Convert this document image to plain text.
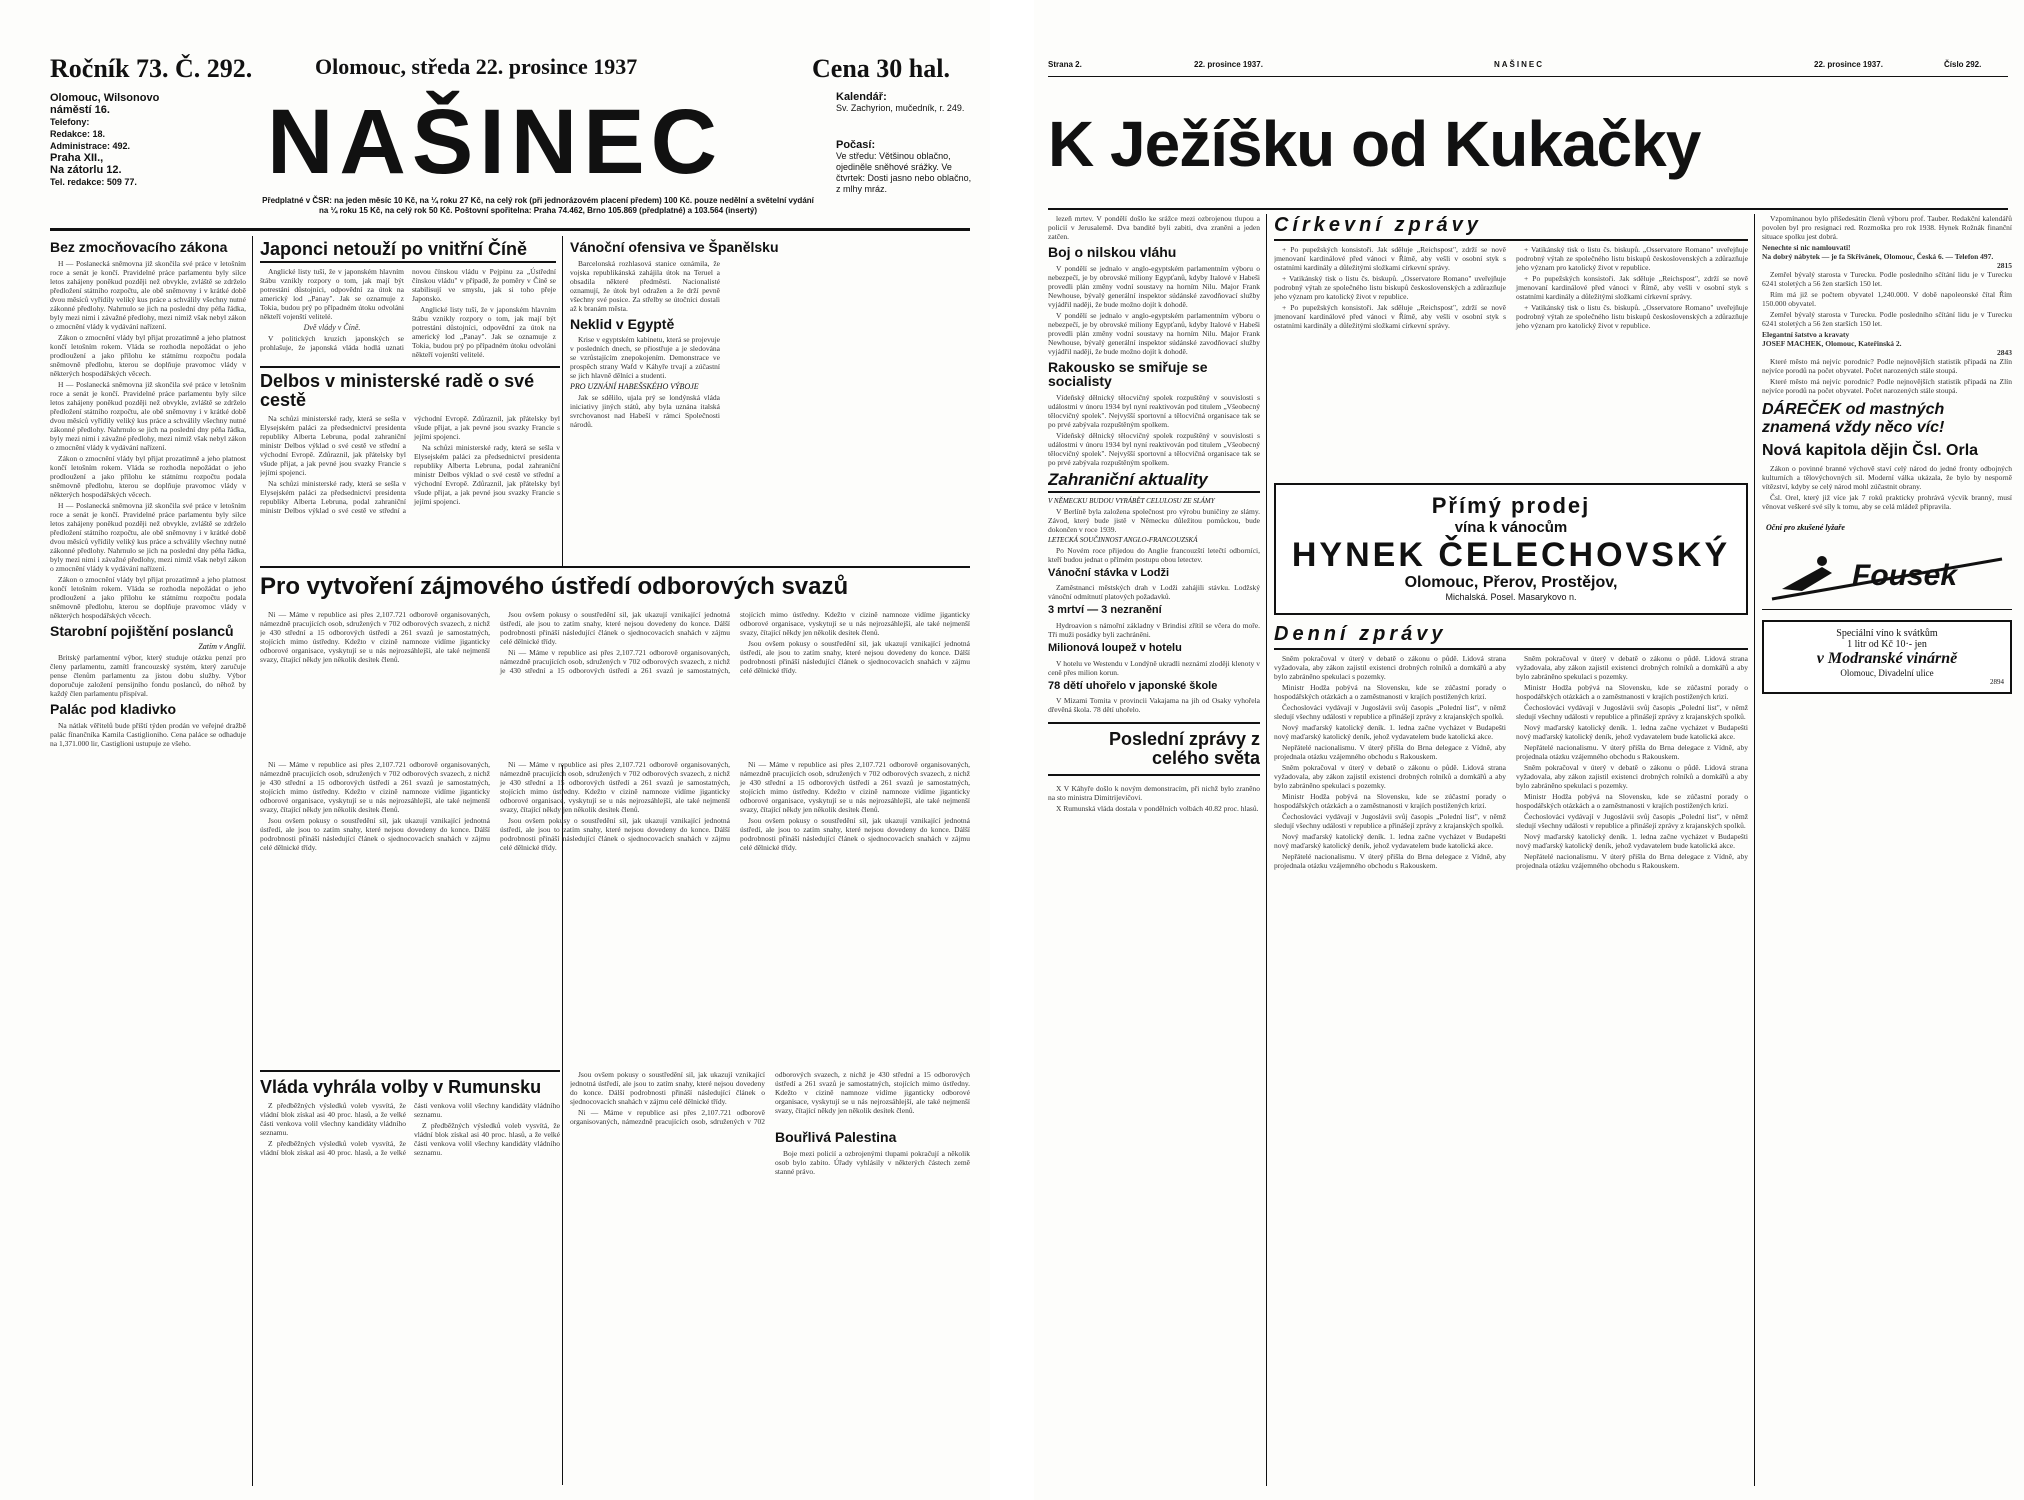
Ročník 73. Č. 292.	Olomouc, středa 22. prosince 1937	Cena 30 hal.
Olomouc, Wilsonovo náměstí 16.
Telefony:
Redakce: 18.
Administrace: 492.
Praha XII.,
Na zátorlu 12.
Tel. redakce: 509 77.	NAŠINEC	Kalendář:
Sv. Zachyrion, mučedník, r. 249.
Počasí:
Ve středu: Většinou oblačno, ojediněle sněhové srážky. Ve čtvrtek: Dosti jasno nebo oblačno, z mlhy mráz.
Předplatné v ČSR: na jeden měsíc 10 Kč, na ¼ roku 27 Kč, na celý rok (při jednorázovém placení předem) 100 Kč. pouze nedělní a světelní vydání na ¼ roku 15 Kč, na celý rok 50 Kč. Poštovní spořitelna: Praha 74.462, Brno 105.869 (předplatné) a 103.564 (insertý)
Bez zmocňovacího zákona

H — Poslanecká sněmovna již skončila své práce v letošním roce a senát je končí. Pravidelné práce parlamentu byly silce letos zahájeny poněkud později než obvykle, zvláště se zdrželo předložení státního rozpočtu, ale obě sněmovny i v krátké době dvou měsíců vyřídily veliký kus práce a schválily všechny nutné zákonné předlohy. Nahrnulo se jich na poslední dny péňa řádka, byly mezi nimi i závažné předlohy, mezi nimiž však nebyl zákon o zmocnění vlády k vydávání nařízení.

Zákon o zmocnění vlády byl přijat prozatímně a jeho platnost končí letošním rokem. Vláda se rozhodla nepožádat o jeho prodloužení a jako přílohu ke státnímu rozpočtu podala sněmovně předlohu, kterou se doplňuje pravomoc vlády v některých hospodářských věcech.

H — Poslanecká sněmovna již skončila své práce v letošním roce a senát je končí. Pravidelné práce parlamentu byly silce letos zahájeny poněkud později než obvykle, zvláště se zdrželo předložení státního rozpočtu, ale obě sněmovny i v krátké době dvou měsíců vyřídily veliký kus práce a schválily všechny nutné zákonné předlohy. Nahrnulo se jich na poslední dny péňa řádka, byly mezi nimi i závažné předlohy, mezi nimiž však nebyl zákon o zmocnění vlády k vydávání nařízení.

Zákon o zmocnění vlády byl přijat prozatímně a jeho platnost končí letošním rokem. Vláda se rozhodla nepožádat o jeho prodloužení a jako přílohu ke státnímu rozpočtu podala sněmovně předlohu, kterou se doplňuje pravomoc vlády v některých hospodářských věcech.

H — Poslanecká sněmovna již skončila své práce v letošním roce a senát je končí. Pravidelné práce parlamentu byly silce letos zahájeny poněkud později než obvykle, zvláště se zdrželo předložení státního rozpočtu, ale obě sněmovny i v krátké době dvou měsíců vyřídily veliký kus práce a schválily všechny nutné zákonné předlohy. Nahrnulo se jich na poslední dny péňa řádka, byly mezi nimi i závažné předlohy, mezi nimiž však nebyl zákon o zmocnění vlády k vydávání nařízení.

Zákon o zmocnění vlády byl přijat prozatímně a jeho platnost končí letošním rokem. Vláda se rozhodla nepožádat o jeho prodloužení a jako přílohu ke státnímu rozpočtu podala sněmovně předlohu, kterou se doplňuje pravomoc vlády v některých hospodářských věcech.

Starobní pojištění poslanců
Zatím v Anglii.

Britský parlamentní výbor, který studuje otázku penzí pro členy parlamentu, zamítl francouzský systém, který zaručuje pense členům parlamentu za jistou dobu služby. Výbor doporučuje založení pensijního fondu poslanců, do něhož by každý člen parlamentu přispíval.

Palác pod kladivko

Na nátlak věřitelů bude příští týden prodán ve veřejné dražbě palác fínančníka Kamila Castiglioniho. Cena paláce se odhaduje na 1,371.000 lir, Castiglioni ustupuje ze všeho.

Japonci netouží po vnitřní Číně

Anglické listy tuší, že v japonském hlavním štábu vznikly rozpory o tom, jak mají být potrestáni důstojníci, odpovědní za útok na americký lod „Panay". Jak se oznamuje z Tokia, budou prý po případném útoku odvoláni někteří vojenští velitelé.

Dvě vlády v Číně.

V politických kruzích japonských se prohlašuje, že japonská vláda hodlá uznati novou čínskou vládu v Pejpinu za „Ústřední čínskou vládu" v případě, že poměry v Číně se stabilisují ve smyslu, jak si toho přeje Japonsko.

Anglické listy tuší, že v japonském hlavním štábu vznikly rozpory o tom, jak mají být potrestáni důstojníci, odpovědní za útok na americký lod „Panay". Jak se oznamuje z Tokia, budou prý po případném útoku odvoláni někteří vojenští velitelé.

Delbos v ministerské radě o své cestě

Na schůzi ministerské rady, která se sešla v Elysejském paláci za předsednictví presidenta republiky Alberta Lebruna, podal zahraniční ministr Delbos výklad o své cestě ve střední a východní Evropě. Zdůraznil, jak přátelsky byl všude přijat, a jak pevné jsou svazky Francie s jejími spojenci.

Na schůzi ministerské rady, která se sešla v Elysejském paláci za předsednictví presidenta republiky Alberta Lebruna, podal zahraniční ministr Delbos výklad o své cestě ve střední a východní Evropě. Zdůraznil, jak přátelsky byl všude přijat, a jak pevné jsou svazky Francie s jejími spojenci.

Na schůzi ministerské rady, která se sešla v Elysejském paláci za předsednictví presidenta republiky Alberta Lebruna, podal zahraniční ministr Delbos výklad o své cestě ve střední a východní Evropě. Zdůraznil, jak přátelsky byl všude přijat, a jak pevné jsou svazky Francie s jejími spojenci.

Vánoční ofensiva ve Španělsku

Barcelonská rozhlasová stanice oznámila, že vojska republikánská zahájila útok na Teruel a obsadila některé předměstí. Nacionalisté oznamují, že útok byl odražen a že drží pevně všechny své posice. Za střelby se útočníci dostali až k branám města.

Neklid v Egyptě

Krise v egyptském kabinetu, která se projevuje v posledních dnech, se přiostřuje a je sledována se vzrůstajícím znepokojením. Demonstrace ve prospěch strany Wafd v Káhyře trvají a zúčastní se jich hlavně dělníci a studenti.

PRO UZNÁNÍ HABEŠSKÉHO VÝBOJE

Jak se sdělilo, ujala prý se londýnská vláda iniciativy jiných států, aby byla uznána italská svrchovanost nad Habeší v rámci Společnosti národů.

Pro vytvoření zájmového ústředí odborových svazů

Ni — Máme v republice asi přes 2,107.721 odborově organisovaných, námezdně pracujících osob, sdružených v 702 odborových svazech, z nichž je 430 střední a 15 odborových ústředí a 261 svazů je samostatných, stojících mimo ústředny. Kdežto v cizině namnoze vidíme jiganticky odborové organisace, vyskytují se u nás nejrozsáhlejší, ale také nejmenší svazy, čítající někdy jen několik desítek členů.

Jsou ovšem pokusy o soustředění sil, jak ukazují vznikající jednotná ústředí, ale jsou to zatím snahy, které nejsou dovedeny do konce. Dálší podrobnosti přináší následující článek o sjednocovacích snahách v zájmu celé dělnické třídy.

Ni — Máme v republice asi přes 2,107.721 odborově organisovaných, námezdně pracujících osob, sdružených v 702 odborových svazech, z nichž je 430 střední a 15 odborových ústředí a 261 svazů je samostatných, stojících mimo ústředny. Kdežto v cizině namnoze vidíme jiganticky odborové organisace, vyskytují se u nás nejrozsáhlejší, ale také nejmenší svazy, čítající někdy jen několik desítek členů.

Jsou ovšem pokusy o soustředění sil, jak ukazují vznikající jednotná ústředí, ale jsou to zatím snahy, které nejsou dovedeny do konce. Dálší podrobnosti přináší následující článek o sjednocovacích snahách v zájmu celé dělnické třídy.

Ni — Máme v republice asi přes 2,107.721 odborově organisovaných, námezdně pracujících osob, sdružených v 702 odborových svazech, z nichž je 430 střední a 15 odborových ústředí a 261 svazů je samostatných, stojících mimo ústředny. Kdežto v cizině namnoze vidíme jiganticky odborové organisace, vyskytují se u nás nejrozsáhlejší, ale také nejmenší svazy, čítající někdy jen několik desítek členů.

Jsou ovšem pokusy o soustředění sil, jak ukazují vznikající jednotná ústředí, ale jsou to zatím snahy, které nejsou dovedeny do konce. Dálší podrobnosti přináší následující článek o sjednocovacích snahách v zájmu celé dělnické třídy.

Ni — Máme v republice asi přes 2,107.721 odborově organisovaných, námezdně pracujících osob, sdružených v 702 odborových svazech, z nichž je 430 střední a 15 odborových ústředí a 261 svazů je samostatných, stojících mimo ústředny. Kdežto v cizině namnoze vidíme jiganticky odborové organisace, vyskytují se u nás nejrozsáhlejší, ale také nejmenší svazy, čítající někdy jen několik desítek členů.

Jsou ovšem pokusy o soustředění sil, jak ukazují vznikající jednotná ústředí, ale jsou to zatím snahy, které nejsou dovedeny do konce. Dálší podrobnosti přináší následující článek o sjednocovacích snahách v zájmu celé dělnické třídy.

Ni — Máme v republice asi přes 2,107.721 odborově organisovaných, námezdně pracujících osob, sdružených v 702 odborových svazech, z nichž je 430 střední a 15 odborových ústředí a 261 svazů je samostatných, stojících mimo ústředny. Kdežto v cizině namnoze vidíme jiganticky odborové organisace, vyskytují se u nás nejrozsáhlejší, ale také nejmenší svazy, čítající někdy jen několik desítek členů.

Jsou ovšem pokusy o soustředění sil, jak ukazují vznikající jednotná ústředí, ale jsou to zatím snahy, které nejsou dovedeny do konce. Dálší podrobnosti přináší následující článek o sjednocovacích snahách v zájmu celé dělnické třídy.

Vláda vyhrála volby v Rumunsku

Z předběžných výsledků voleb vysvítá, že vládní blok získal asi 40 proc. hlasů, a že velké části venkova volil všechny kandidáty vládního seznamu.

Z předběžných výsledků voleb vysvítá, že vládní blok získal asi 40 proc. hlasů, a že velké části venkova volil všechny kandidáty vládního seznamu.

Z předběžných výsledků voleb vysvítá, že vládní blok získal asi 40 proc. hlasů, a že velké části venkova volil všechny kandidáty vládního seznamu.

Jsou ovšem pokusy o soustředění sil, jak ukazují vznikající jednotná ústředí, ale jsou to zatím snahy, které nejsou dovedeny do konce. Dálší podrobnosti přináší následující článek o sjednocovacích snahách v zájmu celé dělnické třídy.

Ni — Máme v republice asi přes 2,107.721 odborově organisovaných, námezdně pracujících osob, sdružených v 702 odborových svazech, z nichž je 430 střední a 15 odborových ústředí a 261 svazů je samostatných, stojících mimo ústředny. Kdežto v cizině namnoze vidíme jiganticky odborové organisace, vyskytují se u nás nejrozsáhlejší, ale také nejmenší svazy, čítající někdy jen několik desítek členů.

Bouřlivá Palestina

Boje mezi policií a ozbrojenými tlupami pokračují a několik osob bylo zabito. Úřady vyhlásily v některých částech země stanné právo.

Strana 2.	22. prosince 1937.	NAŠINEC	22. prosince 1937.	Číslo 292.
K Ježíšku od Kukačky

lezeň mrtev. V pondělí došlo ke srážce mezi ozbrojenou tlupou a policií v Jerusalemě. Dva bandité byli zabiti, dva zraněni a jeden zatčen.

Boj o nilskou vláhu

V pondělí se jednalo v anglo-egyptském parlamentním výboru o nebezpečí, je by obrovské miliony Egypťanů, kdyby Italové v Habeši provedli plán změny vodní soustavy na horním Nilu. Major Frank Newhouse, bývalý generální inspektor súdánské zavodňovací služby vyjádřil naději, že bude možno dojít k dohodě.

V pondělí se jednalo v anglo-egyptském parlamentním výboru o nebezpečí, je by obrovské miliony Egypťanů, kdyby Italové v Habeši provedli plán změny vodní soustavy na horním Nilu. Major Frank Newhouse, bývalý generální inspektor súdánské zavodňovací služby vyjádřil naději, že bude možno dojít k dohodě.

Rakousko se smiřuje se socialisty

Vídeňský dělnický tělocvičný spolek rozpuštěný v souvislosti s událostmi v únoru 1934 byl nyní reaktivován pod titulem „Všeobecný tělocvičný spolek". Nejvyšší sportovní a tělocvičná organisace tak se po prvé zabývala rozpuštěným spolkem.

Vídeňský dělnický tělocvičný spolek rozpuštěný v souvislosti s událostmi v únoru 1934 byl nyní reaktivován pod titulem „Všeobecný tělocvičný spolek". Nejvyšší sportovní a tělocvičná organisace tak se po prvé zabývala rozpuštěným spolkem.

Zahraniční aktuality
V NĚMECKU BUDOU VYRÁBĚT CELULOSU ZE SLÁMY

V Berlíně byla založena společnost pro výrobu buničiny ze slámy. Závod, který bude jistě v Německu důležitou pomůckou, bude dokončen v roce 1939.

LETECKÁ SOUČINNOST ANGLO-FRANCOUZSKÁ

Po Novém roce přijedou do Anglie francouzští letečtí odborníci, kteří budou jednat o přímém postupu obou letectev.

Vánoční stávka v Lodži

Zaměstnanci městských drah v Lodži zahájili stávku. Lodžský vánoční odmítnutí platových požadavků.

3 mrtví — 3 nezranění

Hydroavion s námořní základny v Brindisi zřítil se včera do moře. Tři muži posádky byli zachráněni.

Milionová loupež v hotelu

V hotelu ve Westendu v Londýně ukradli neznámí zloději klenoty v ceně přes milion korun.

78 dětí uhořelo v japonské škole

V Mizami Tomita v provincii Vakajama na jih od Osaky vyhořela dřevěná škola. 78 dětí uhořelo.

Poslední zprávy z celého světa

X V Káhyře došlo k novým demonstracím, při nichž bylo zraněno na sto ministra Dimitrijevičovi.

X Rumunská vláda dostala v pondělních volbách 40.82 proc. hlasů.

Církevní zprávy

+ Po pupežských konsistoři. Jak sděluje „Reichspost", zdrží se nově jmenovaní kardinálové před vánoci v Římě, aby vešli v osobní styk s ostatními kardinály a důležitými složkami církevní správy.

+ Vatikánský tisk o listu čs. biskupů. „Osservatore Romano" uveřejňuje podrobný výtah ze společného listu biskupů československých a zdůrazňuje jeho význam pro katolický život v republice.

+ Po pupežských konsistoři. Jak sděluje „Reichspost", zdrží se nově jmenovaní kardinálové před vánoci v Římě, aby vešli v osobní styk s ostatními kardinály a důležitými složkami církevní správy.

+ Vatikánský tisk o listu čs. biskupů. „Osservatore Romano" uveřejňuje podrobný výtah ze společného listu biskupů československých a zdůrazňuje jeho význam pro katolický život v republice.

+ Po pupežských konsistoři. Jak sděluje „Reichspost", zdrží se nově jmenovaní kardinálové před vánoci v Římě, aby vešli v osobní styk s ostatními kardinály a důležitými složkami církevní správy.

+ Vatikánský tisk o listu čs. biskupů. „Osservatore Romano" uveřejňuje podrobný výtah ze společného listu biskupů československých a zdůrazňuje jeho význam pro katolický život v republice.

Přímý prodej
vína k vánocům
HYNEK ČELECHOVSKÝ
Olomouc, Přerov, Prostějov,
Michalská. Posel. Masarykovo n.
Denní zprávy

Sněm pokračoval v úterý v debatě o zákonu o půdě. Lidová strana vyžadovala, aby zákon zajistil existenci drobných rolníků a domkářů a aby bylo zabráněno spekulaci s pozemky.

Ministr Hodža pobývá na Slovensku, kde se zúčastní porady o hospodářských otázkách a o zaměstnanosti v krajích postižených krizí.

Čechoslováci vydávají v Jugoslávii svůj časopis „Polední list", v němž sledují všechny události v republice a přinášejí zprávy z krajanských spolků.

Nový maďarský katolický deník. 1. ledna začne vycházet v Budapešti nový maďarský katolický deník, jehož vydavatelem bude katolická akce.

Nepřátelé nacionalismu. V úterý přišla do Brna delegace z Vídně, aby projednala otázku vzájemného obchodu s Rakouskem.

Sněm pokračoval v úterý v debatě o zákonu o půdě. Lidová strana vyžadovala, aby zákon zajistil existenci drobných rolníků a domkářů a aby bylo zabráněno spekulaci s pozemky.

Ministr Hodža pobývá na Slovensku, kde se zúčastní porady o hospodářských otázkách a o zaměstnanosti v krajích postižených krizí.

Čechoslováci vydávají v Jugoslávii svůj časopis „Polední list", v němž sledují všechny události v republice a přinášejí zprávy z krajanských spolků.

Nový maďarský katolický deník. 1. ledna začne vycházet v Budapešti nový maďarský katolický deník, jehož vydavatelem bude katolická akce.

Nepřátelé nacionalismu. V úterý přišla do Brna delegace z Vídně, aby projednala otázku vzájemného obchodu s Rakouskem.

Sněm pokračoval v úterý v debatě o zákonu o půdě. Lidová strana vyžadovala, aby zákon zajistil existenci drobných rolníků a domkářů a aby bylo zabráněno spekulaci s pozemky.

Ministr Hodža pobývá na Slovensku, kde se zúčastní porady o hospodářských otázkách a o zaměstnanosti v krajích postižených krizí.

Čechoslováci vydávají v Jugoslávii svůj časopis „Polední list", v němž sledují všechny události v republice a přinášejí zprávy z krajanských spolků.

Nový maďarský katolický deník. 1. ledna začne vycházet v Budapešti nový maďarský katolický deník, jehož vydavatelem bude katolická akce.

Nepřátelé nacionalismu. V úterý přišla do Brna delegace z Vídně, aby projednala otázku vzájemného obchodu s Rakouskem.

Sněm pokračoval v úterý v debatě o zákonu o půdě. Lidová strana vyžadovala, aby zákon zajistil existenci drobných rolníků a domkářů a aby bylo zabráněno spekulaci s pozemky.

Ministr Hodža pobývá na Slovensku, kde se zúčastní porady o hospodářských otázkách a o zaměstnanosti v krajích postižených krizí.

Čechoslováci vydávají v Jugoslávii svůj časopis „Polední list", v němž sledují všechny události v republice a přinášejí zprávy z krajanských spolků.

Nový maďarský katolický deník. 1. ledna začne vycházet v Budapešti nový maďarský katolický deník, jehož vydavatelem bude katolická akce.

Nepřátelé nacionalismu. V úterý přišla do Brna delegace z Vídně, aby projednala otázku vzájemného obchodu s Rakouskem.

Vzpomínanou bylo přišedesátin členů výboru prof. Tauber. Redakční kalendářů povolen byl pro resignaci red. Rozmoška pro rok 1938. Hynek Rožnák finanční situace spolku jest dobrá.

Nenechte si nic namlouvati!
Na dobrý nábytek — je fa Skřivánek, Olomouc, Česká 6. — Telefon 497.
2815

Zemřel bývalý starosta v Turecku. Podle posledního sčítání lidu je v Turecku 6241 stoletých a 56 žen starších 150 let.

Rím má již se počtem obyvatel 1,240.000. V době napoleonské čítal Řím 150.000 obyvatel.

Zemřel bývalý starosta v Turecku. Podle posledního sčítání lidu je v Turecku 6241 stoletých a 56 žen starších 150 let.

Elegantní šatstvo a kravaty
JOSEF MACHEK, Olomouc, Kateřinská 2.
2843

Které město má nejvíc porodnic? Podle nejnovějších statistik připadá na Zlín nejvíce porodů na počet obyvatel. Počet narozených stále stoupá.

Které město má nejvíc porodnic? Podle nejnovějších statistik připadá na Zlín nejvíce porodů na počet obyvatel. Počet narozených stále stoupá.

DÁREČEK od mastných znamená vždy něco víc!
Nová kapitola dějin Čsl. Orla

Zákon o povinné branné výchově staví celý národ do jedné fronty odbojných kulturních a tělovýchovných sil. Moderní válka ukázala, že bylo by nesporně vítězství, kdyby se celý národ mohl zúčastnit obrany.

Čsl. Orel, který již více jak 7 roků prakticky prohrává výcvik branný, musí věnovat veškeré své síly k tomu, aby se celá mládež připravila.

Oční pro zkušené lyžaře
Fousek
Speciální víno k svátkům
1 litr od Kč 10·- jen
v Modranské vinárně
Olomouc, Divadelní ulice
2894
